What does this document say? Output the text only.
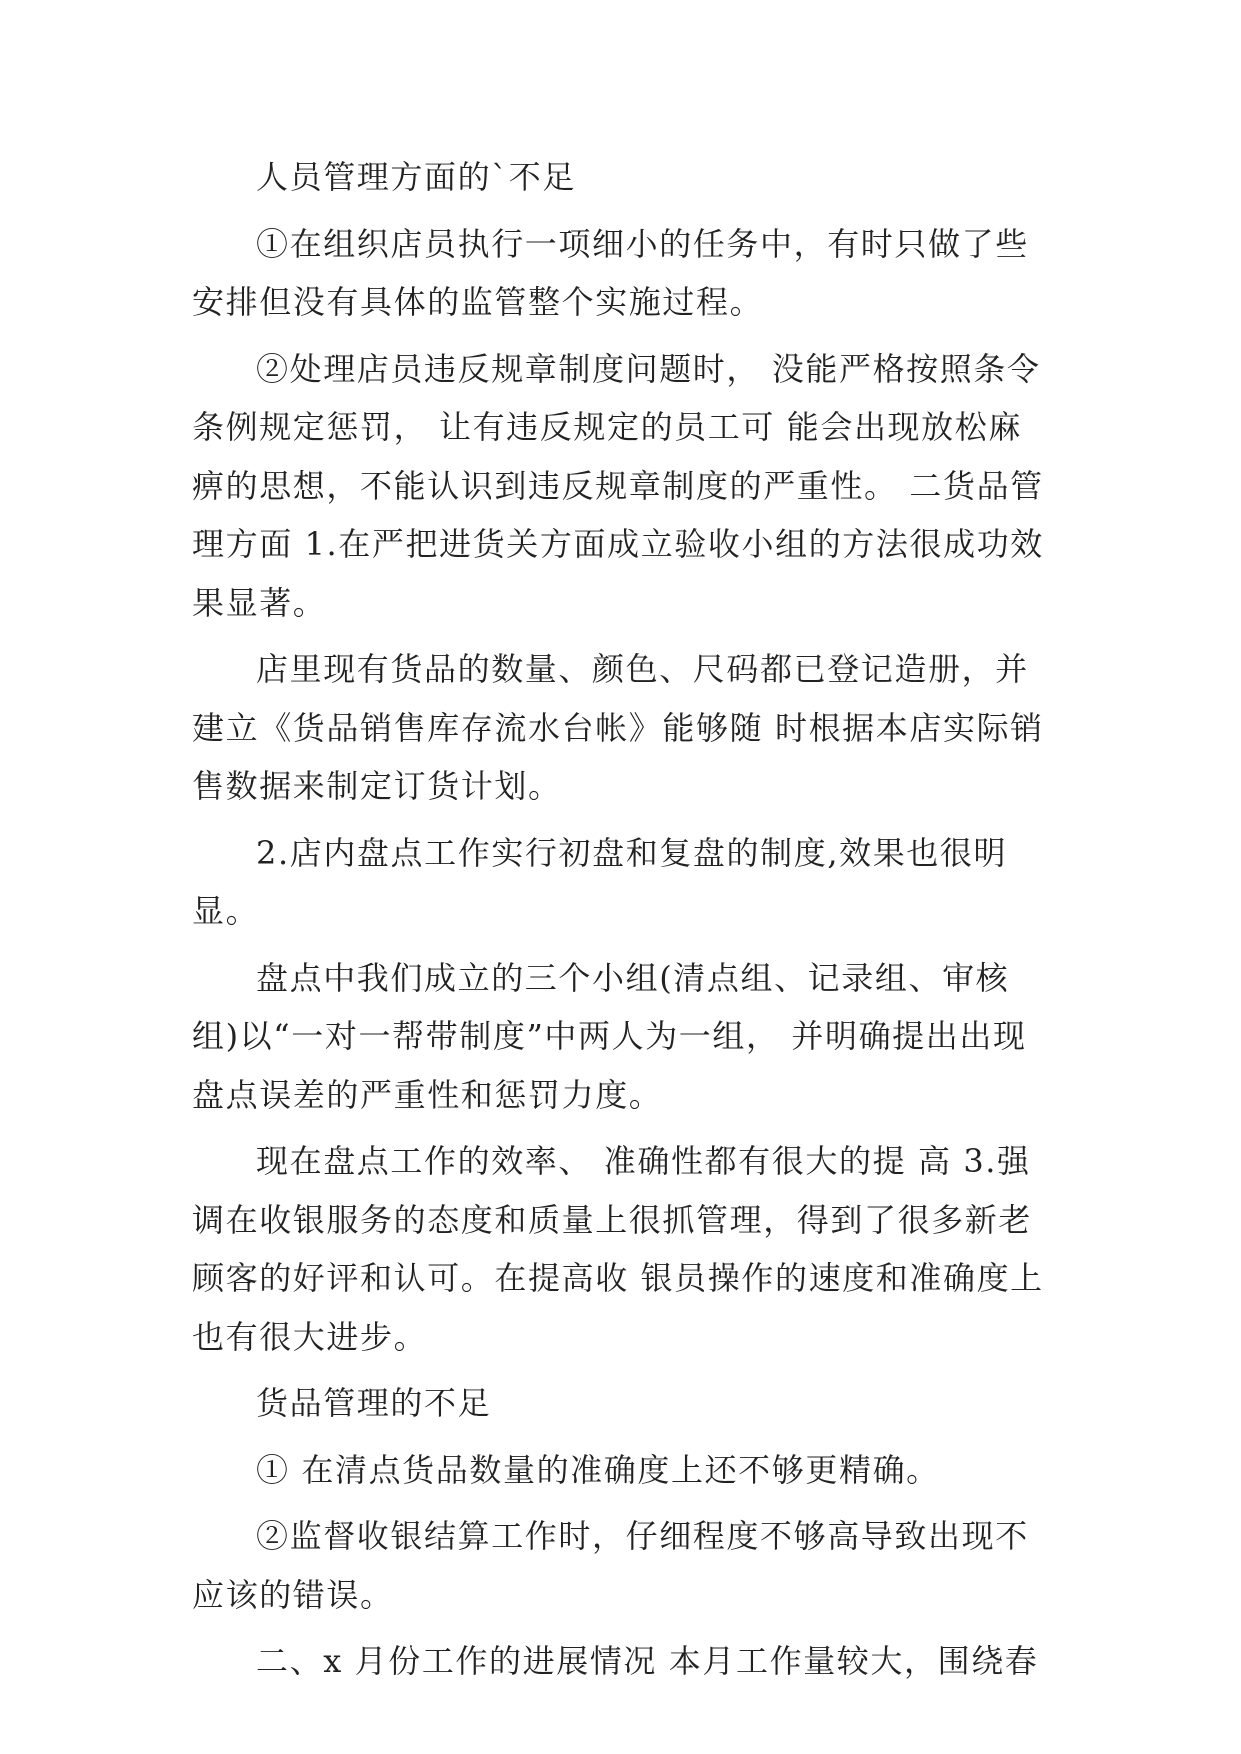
人员管理方面的`不足

①在组织店员执行一项细小的任务中，有时只做了些安排但没有具体的监管整个实施过程。

②处理店员违反规章制度问题时， 没能严格按照条令条例规定惩罚， 让有违反规定的员工可 能会出现放松麻痹的思想，不能认识到违反规章制度的严重性。 二货品管理方面 1.在严把进货关方面成立验收小组的方法很成功效果显著。

店里现有货品的数量、颜色、尺码都已登记造册，并建立《货品销售库存流水台帐》能够随 时根据本店实际销售数据来制定订货计划。

2.店内盘点工作实行初盘和复盘的制度,效果也很明显。

盘点中我们成立的三个小组(清点组、记录组、审核组)以“一对一帮带制度”中两人为一组， 并明确提出出现盘点误差的严重性和惩罚力度。

现在盘点工作的效率、 准确性都有很大的提 高 3.强调在收银服务的态度和质量上很抓管理，得到了很多新老顾客的好评和认可。在提高收 银员操作的速度和准确度上也有很大进步。

货品管理的不足

① 在清点货品数量的准确度上还不够更精确。

②监督收银结算工作时，仔细程度不够高导致出现不应该的错误。

二、x 月份工作的进展情况 本月工作量较大，围绕春
